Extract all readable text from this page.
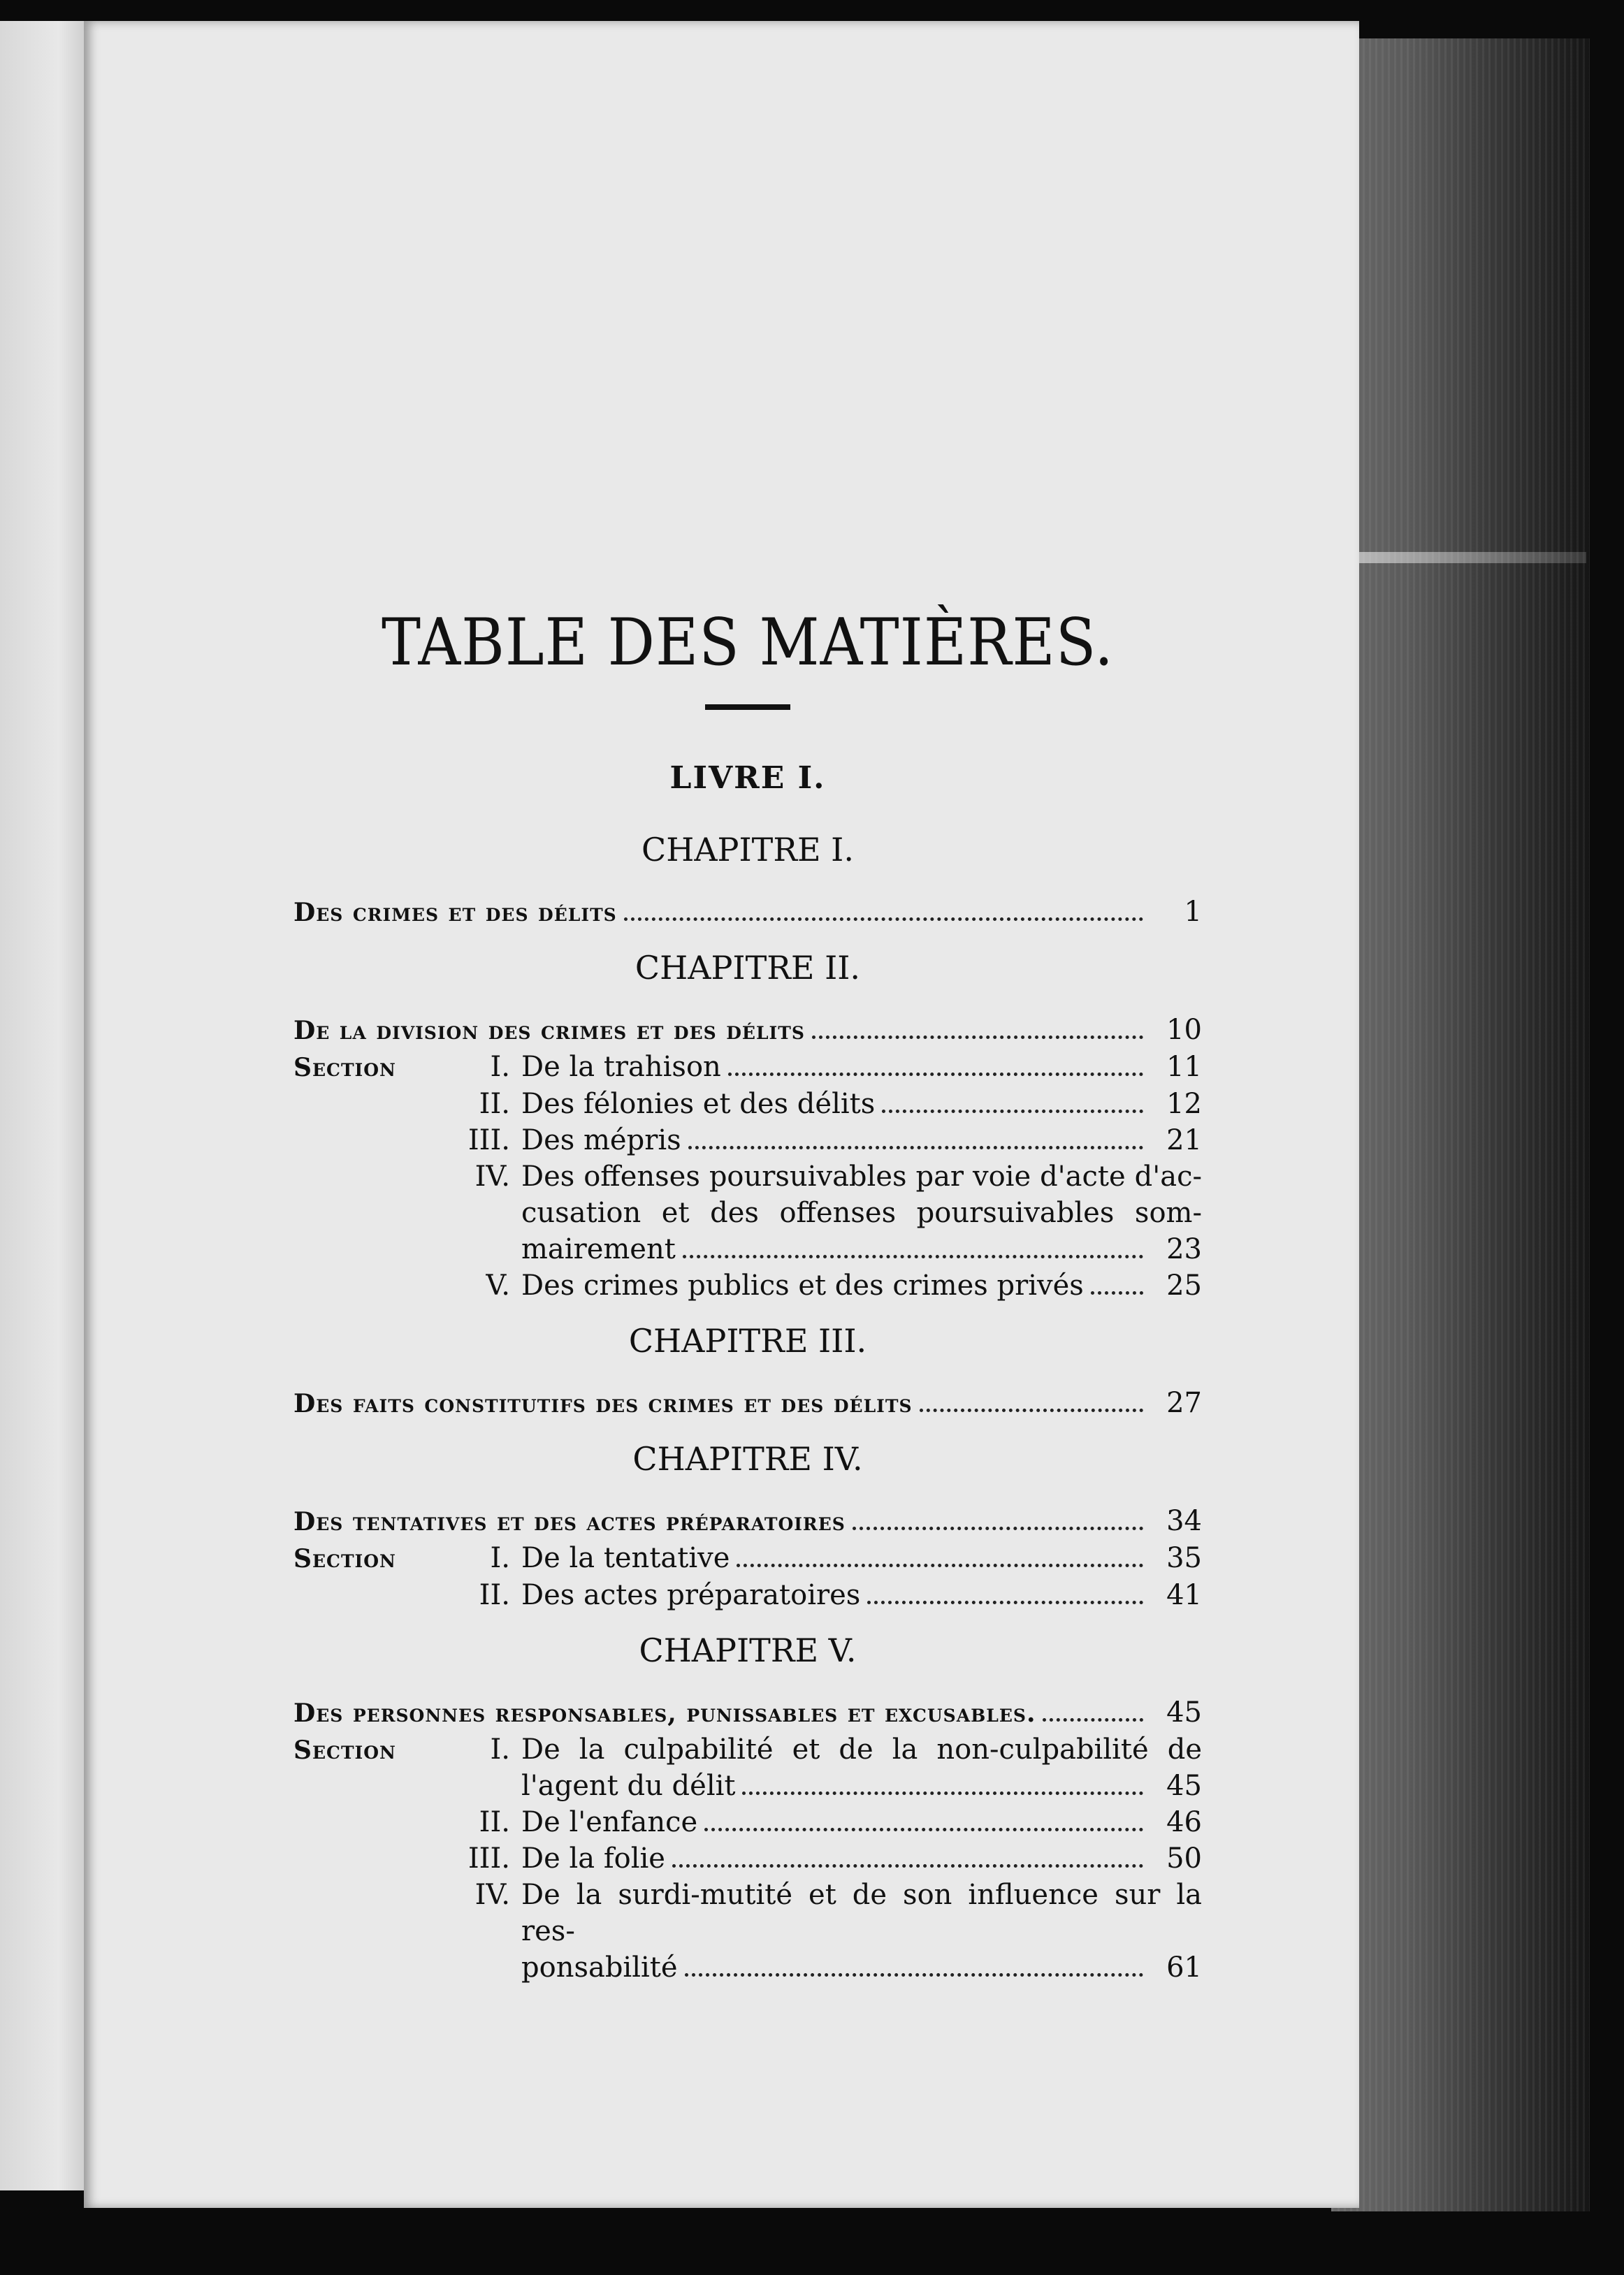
TABLE DES MATIÈRES.
LIVRE I.
CHAPITRE I.
Des crimes et des délits	1
CHAPITRE II.
De la division des crimes et des délits	10
Section	I. De la trahison	11
II. Des félonies et des délits	12
III. Des mépris	21
IV. Des offenses poursuivables par voie d'acte d'ac-
cusation et des offenses poursuivables som-
mairement	23
V. Des crimes publics et des crimes privés	25
CHAPITRE III.
Des faits constitutifs des crimes et des délits	27
CHAPITRE IV.
Des tentatives et des actes préparatoires	34
Section	I. De la tentative	35
II. Des actes préparatoires	41
CHAPITRE V.
Des personnes responsables, punissables et excusables.	45
Section	I. De la culpabilité et de la non-culpabilité de
l'agent du délit	45
II. De l'enfance	46
III. De la folie	50
IV. De la surdi-mutité et de son influence sur la res-
ponsabilité	61
